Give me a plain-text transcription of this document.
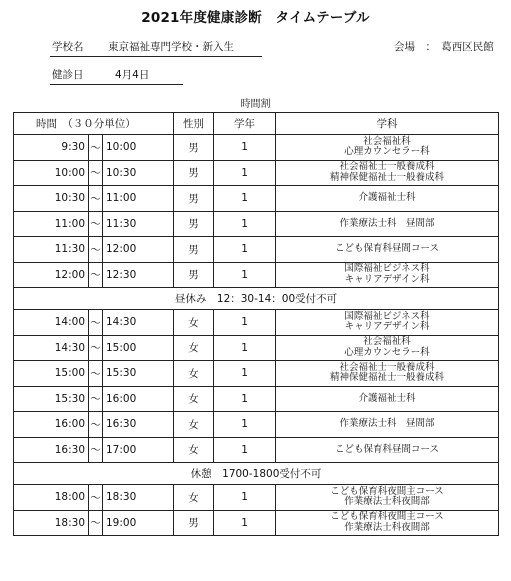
2021年度健康診断　タイムテーブル
学校名 東京福祉専門学校・新入生	会場　：　葛西区民館
健診日	4月4日
時間割
時間　（３０分単位）			性別	学年	学科
9:30	～	10:00	男	1	社会福祉科
心理カウンセラー科

10:00	～	10:30	男	1	社会福祉士一般養成科
精神保健福祉士一般養成科

10:30	～	11:00	男	1	介護福祉士科

11:00	～	11:30	男	1	作業療法士科　昼間部

11:30	～	12:00	男	1	こども保育科昼間コース

12:00	～	12:30	男	1	国際福祉ビジネス科
キャリアデザイン科

昼休み　12：30-14：00受付不可					
14:00	～	14:30	女	1	国際福祉ビジネス科
キャリアデザイン科

14:30	～	15:00	女	1	社会福祉科
心理カウンセラー科

15:00	～	15:30	女	1	社会福祉士一般養成科
精神保健福祉士一般養成科

15:30	～	16:00	女	1	介護福祉士科

16:00	～	16:30	女	1	作業療法士科　昼間部

16:30	～	17:00	女	1	こども保育科昼間コース

休憩　1700-1800受付不可					
18:00	～	18:30	女	1	こども保育科夜間主コース
作業療法士科夜間部

18:30	～	19:00	男	1	こども保育科夜間主コース
作業療法士科夜間部
